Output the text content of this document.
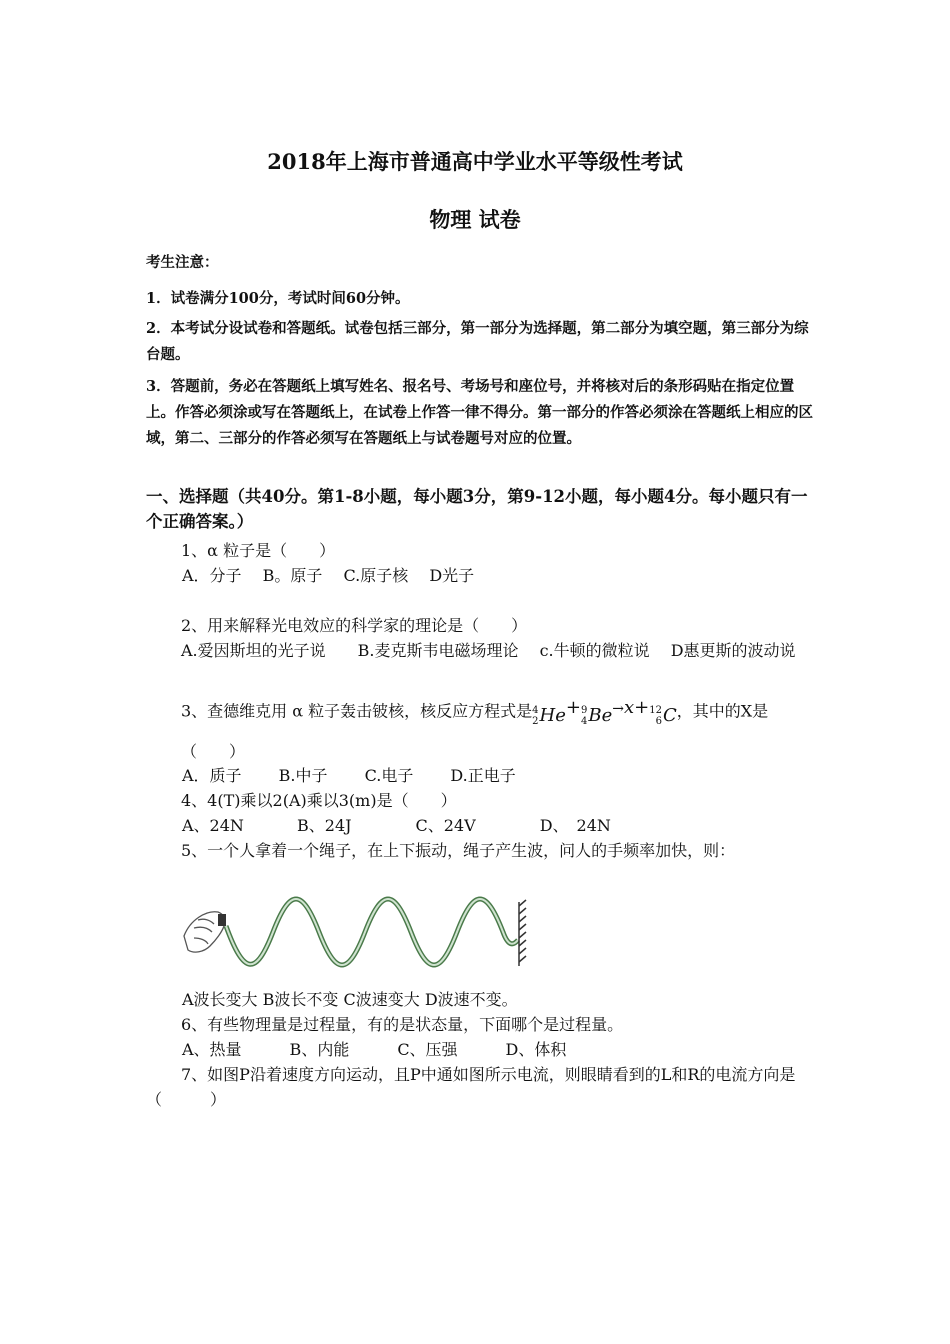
2018年上海市普通高中学业水平等级性考试
物理 试卷
考生注意：
1．试卷满分100分，考试时间60分钟。
2．本考试分设试卷和答题纸。试卷包括三部分，第一部分为选择题，第二部分为填空题，第三部分为综台题。
3．答题前，务必在答题纸上填写姓名、报名号、考场号和座位号，并将核对后的条形码贴在指定位置上。作答必须涂或写在答题纸上，在试卷上作答一律不得分。第一部分的作答必须涂在答题纸上相应的区域，第二、三部分的作答必须写在答题纸上与试卷题号对应的位置。
一、选择题（共40分。第1-8小题，每小题3分，第9-12小题，每小题4分。每小题只有一个正确答案。）
1、α 粒子是（　　）
A．分子　 B。原子　 C.原子核　 D光子
2、用来解释光电效应的科学家的理论是（　　）
A.爱因斯坦的光子说　　B.麦克斯韦电磁场理论　 c.牛顿的微粒说　 D惠更斯的波动说
3、查德维克用 α 粒子轰击铍核，核反应方程式是 4
2 He + 9
4 Be →x+ 12
6 C ，其中的X是（　　）
A．质子　　 B.中子　　 C.电子　　 D.正电子
4、4(T)乘以2(A)乘以3(m)是（　　）
A、24N　　　 B、24J　　　　C、24V　　　　D、　24N
5、一个人拿着一个绳子，在上下振动，绳子产生波，问人的手频率加快，则：
A波长变大 B波长不变 C波速变大 D波速不变。
6、有些物理量是过程量，有的是状态量，下面哪个是过程量。
A、热量　　　B、内能　　　C、压强　　　D、体积
7、如图P沿着速度方向运动，且P中通如图所示电流，则眼睛看到的L和R的电流方向是（　　　）
